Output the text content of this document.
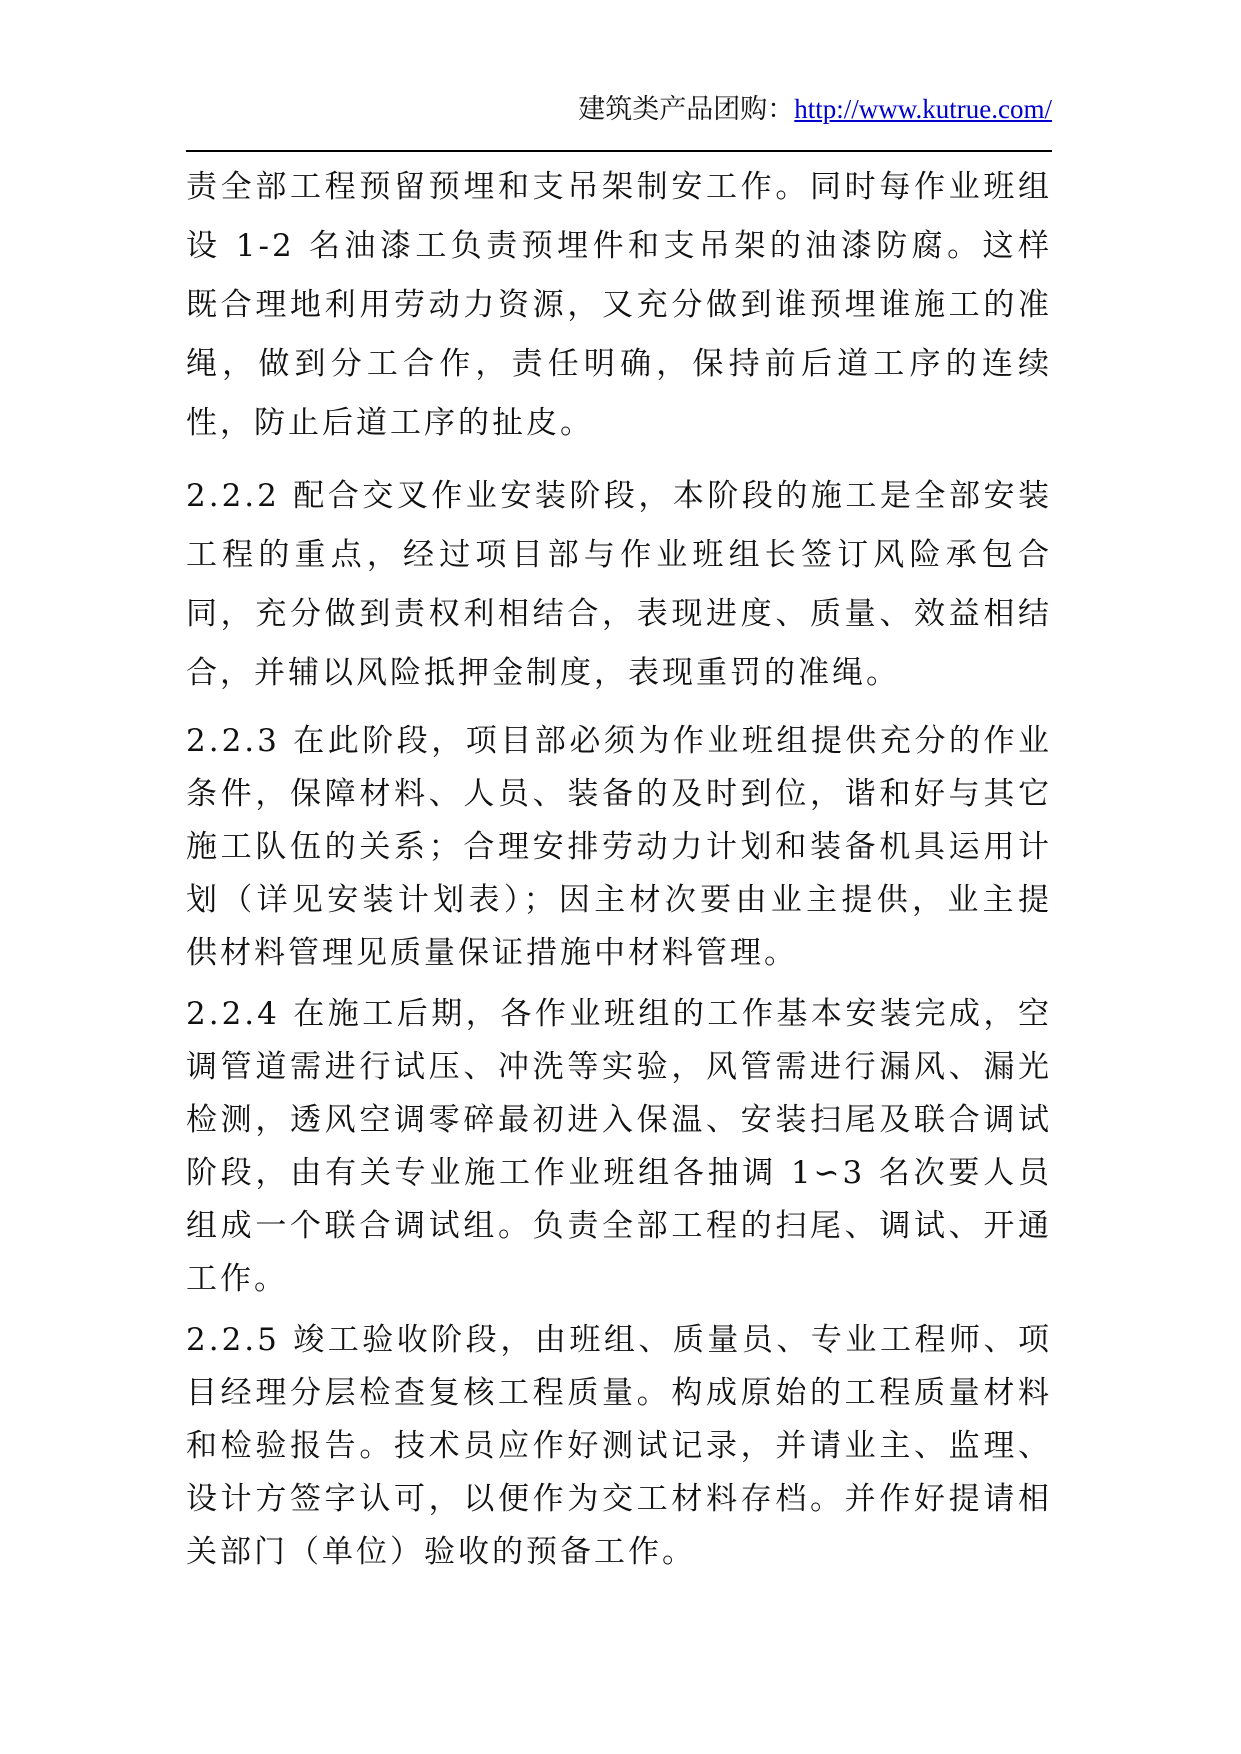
建筑类产品团购：http://www.kutrue.com/

责全部工程预留预埋和支吊架制安工作。同时每作业班组设 1-2 名油漆工负责预埋件和支吊架的油漆防腐。这样既合理地利用劳动力资源，又充分做到谁预埋谁施工的准绳，做到分工合作，责任明确，保持前后道工序的连续性，防止后道工序的扯皮。

2.2.2 配合交叉作业安装阶段，本阶段的施工是全部安装工程的重点，经过项目部与作业班组长签订风险承包合同，充分做到责权利相结合，表现进度、质量、效益相结合，并辅以风险抵押金制度，表现重罚的准绳。

2.2.3 在此阶段，项目部必须为作业班组提供充分的作业条件，保障材料、人员、装备的及时到位，谐和好与其它施工队伍的关系；合理安排劳动力计划和装备机具运用计划（详见安装计划表）；因主材次要由业主提供，业主提供材料管理见质量保证措施中材料管理。

2.2.4 在施工后期，各作业班组的工作基本安装完成，空调管道需进行试压、冲洗等实验，风管需进行漏风、漏光检测，透风空调零碎最初进入保温、安装扫尾及联合调试阶段，由有关专业施工作业班组各抽调 1∽3 名次要人员组成一个联合调试组。负责全部工程的扫尾、调试、开通工作。

2.2.5 竣工验收阶段，由班组、质量员、专业工程师、项目经理分层检查复核工程质量。构成原始的工程质量材料和检验报告。技术员应作好测试记录，并请业主、监理、设计方签字认可，以便作为交工材料存档。并作好提请相关部门（单位）验收的预备工作。
